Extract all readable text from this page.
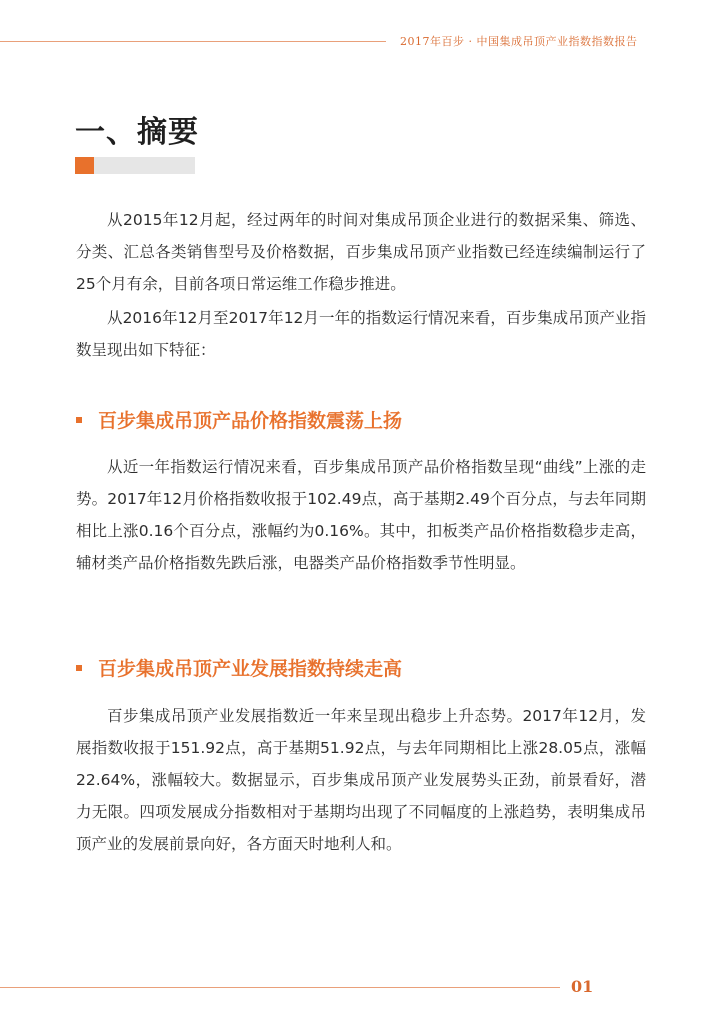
2017年百步 · 中国集成吊顶产业指数指数报告
一、摘要

从2015年12月起，经过两年的时间对集成吊顶企业进行的数据采集、筛选、分类、汇总各类销售型号及价格数据，百步集成吊顶产业指数已经连续编制运行了25个月有余，目前各项日常运维工作稳步推进。

从2016年12月至2017年12月一年的指数运行情况来看，百步集成吊顶产业指数呈现出如下特征：

百步集成吊顶产品价格指数震荡上扬

从近一年指数运行情况来看，百步集成吊顶产品价格指数呈现“曲线”上涨的走势。2017年12月价格指数收报于102.49点，高于基期2.49个百分点，与去年同期相比上涨0.16个百分点，涨幅约为0.16%。其中，扣板类产品价格指数稳步走高，辅材类产品价格指数先跌后涨，电器类产品价格指数季节性明显。

百步集成吊顶产业发展指数持续走高

百步集成吊顶产业发展指数近一年来呈现出稳步上升态势。2017年12月，发展指数收报于151.92点，高于基期51.92点，与去年同期相比上涨28.05点，涨幅22.64%，涨幅较大。数据显示，百步集成吊顶产业发展势头正劲，前景看好，潜力无限。四项发展成分指数相对于基期均出现了不同幅度的上涨趋势，表明集成吊顶产业的发展前景向好，各方面天时地利人和。

01
